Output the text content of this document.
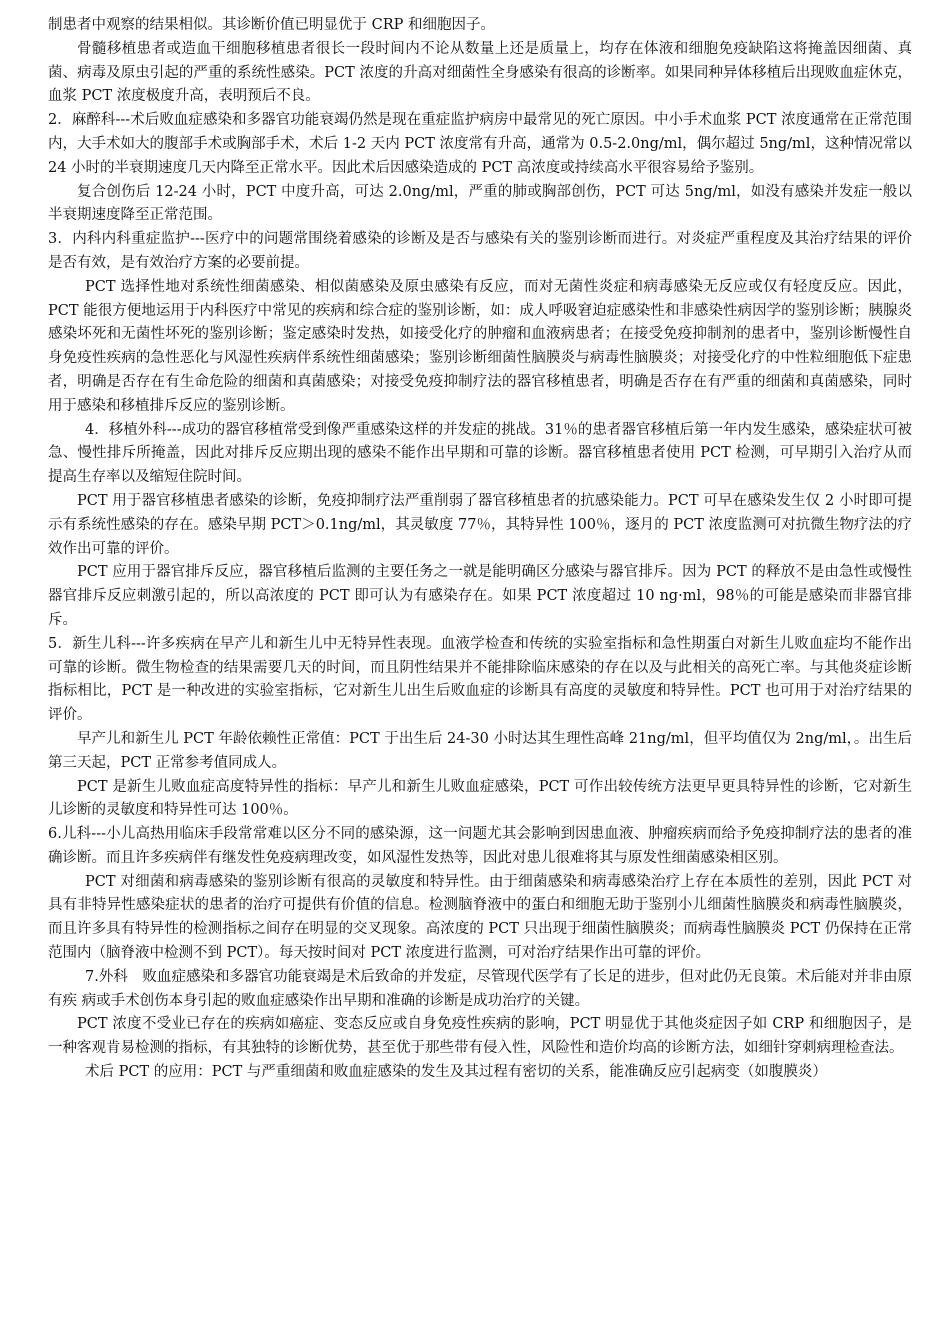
制患者中观察的结果相似。其诊断价值已明显优于 CRP 和细胞因子。

骨髓移植患者或造血干细胞移植患者很长一段时间内不论从数量上还是质量上，均存在体液和细胞免疫缺陷这将掩盖因细菌、真菌、病毒及原虫引起的严重的系统性感染。PCT 浓度的升高对细菌性全身感染有很高的诊断率。如果同种异体移植后出现败血症休克，血浆 PCT 浓度极度升高，表明预后不良。

2．麻醉科---术后败血症感染和多器官功能衰竭仍然是现在重症监护病房中最常见的死亡原因。中小手术血浆 PCT 浓度通常在正常范围内，大手术如大的腹部手术或胸部手术，术后 1-2 天内 PCT 浓度常有升高，通常为 0.5-2.0ng/ml，偶尔超过 5ng/ml，这种情况常以 24 小时的半衰期速度几天内降至正常水平。因此术后因感染造成的 PCT 高浓度或持续高水平很容易给予鉴别。

复合创伤后 12-24 小时，PCT 中度升高，可达 2.0ng/ml，严重的肺或胸部创伤，PCT 可达 5ng/ml，如没有感染并发症一般以半衰期速度降至正常范围。

3．内科内科重症监护---医疗中的问题常围绕着感染的诊断及是否与感染有关的鉴别诊断而进行。对炎症严重程度及其治疗结果的评价是否有效，是有效治疗方案的必要前提。

PCT 选择性地对系统性细菌感染、相似菌感染及原虫感染有反应，而对无菌性炎症和病毒感染无反应或仅有轻度反应。因此，PCT 能很方便地运用于内科医疗中常见的疾病和综合症的鉴别诊断，如：成人呼吸窘迫症感染性和非感染性病因学的鉴别诊断；胰腺炎感染坏死和无菌性坏死的鉴别诊断；鉴定感染时发热，如接受化疗的肿瘤和血液病患者；在接受免疫抑制剂的患者中，鉴别诊断慢性自身免疫性疾病的急性恶化与风湿性疾病伴系统性细菌感染；鉴别诊断细菌性脑膜炎与病毒性脑膜炎；对接受化疗的中性粒细胞低下症患者，明确是否存在有生命危险的细菌和真菌感染；对接受免疫抑制疗法的器官移植患者，明确是否存在有严重的细菌和真菌感染，同时用于感染和移植排斥反应的鉴别诊断。

4．移植外科---成功的器官移植常受到像严重感染这样的并发症的挑战。31％的患者器官移植后第一年内发生感染，感染症状可被急、慢性排斥所掩盖，因此对排斥反应期出现的感染不能作出早期和可靠的诊断。器官移植患者使用 PCT 检测，可早期引入治疗从而提高生存率以及缩短住院时间。

PCT 用于器官移植患者感染的诊断，免疫抑制疗法严重削弱了器官移植患者的抗感染能力。PCT 可早在感染发生仅 2 小时即可提示有系统性感染的存在。感染早期 PCT＞0.1ng/ml，其灵敏度 77％，其特异性 100％，逐月的 PCT 浓度监测可对抗微生物疗法的疗效作出可靠的评价。

PCT 应用于器官排斥反应，器官移植后监测的主要任务之一就是能明确区分感染与器官排斥。因为 PCT 的释放不是由急性或慢性器官排斥反应刺激引起的，所以高浓度的 PCT 即可认为有感染存在。如果 PCT 浓度超过 10 ng·ml，98％的可能是感染而非器官排斥。

5．新生儿科---许多疾病在早产儿和新生儿中无特异性表现。血液学检查和传统的实验室指标和急性期蛋白对新生儿败血症均不能作出可靠的诊断。微生物检查的结果需要几天的时间，而且阴性结果并不能排除临床感染的存在以及与此相关的高死亡率。与其他炎症诊断指标相比，PCT 是一种改进的实验室指标，它对新生儿出生后败血症的诊断具有高度的灵敏度和特异性。PCT 也可用于对治疗结果的评价。

早产儿和新生儿 PCT 年龄依赖性正常值：PCT 于出生后 24-30 小时达其生理性高峰 21ng/ml，但平均值仅为 2ng/ml，。出生后第三天起，PCT 正常参考值同成人。

PCT 是新生儿败血症高度特异性的指标：早产儿和新生儿败血症感染，PCT 可作出较传统方法更早更具特异性的诊断，它对新生儿诊断的灵敏度和特异性可达 100％。

6.儿科---小儿高热用临床手段常常难以区分不同的感染源，这一问题尤其会影响到因患血液、肿瘤疾病而给予免疫抑制疗法的患者的准确诊断。而且许多疾病伴有继发性免疫病理改变，如风湿性发热等，因此对患儿很难将其与原发性细菌感染相区别。

PCT 对细菌和病毒感染的鉴别诊断有很高的灵敏度和特异性。由于细菌感染和病毒感染治疗上存在本质性的差别，因此 PCT 对具有非特异性感染症状的患者的治疗可提供有价值的信息。检测脑脊液中的蛋白和细胞无助于鉴别小儿细菌性脑膜炎和病毒性脑膜炎，而且许多具有特异性的检测指标之间存在明显的交叉现象。高浓度的 PCT 只出现于细菌性脑膜炎；而病毒性脑膜炎 PCT 仍保持在正常范围内（脑脊液中检测不到 PCT）。每天按时间对 PCT 浓度进行监测，可对治疗结果作出可靠的评价。

7.外科　败血症感染和多器官功能衰竭是术后致命的并发症，尽管现代医学有了长足的进步，但对此仍无良策。术后能对并非由原有疾 病或手术创伤本身引起的败血症感染作出早期和准确的诊断是成功治疗的关键。

PCT 浓度不受业已存在的疾病如癌症、变态反应或自身免疫性疾病的影响，PCT 明显优于其他炎症因子如 CRP 和细胞因子，是一种客观肯易检测的指标，有其独特的诊断优势，甚至优于那些带有侵入性，风险性和造价均高的诊断方法，如细针穿刺病理检查法。

术后 PCT 的应用：PCT 与严重细菌和败血症感染的发生及其过程有密切的关系，能准确反应引起病变（如腹膜炎）
